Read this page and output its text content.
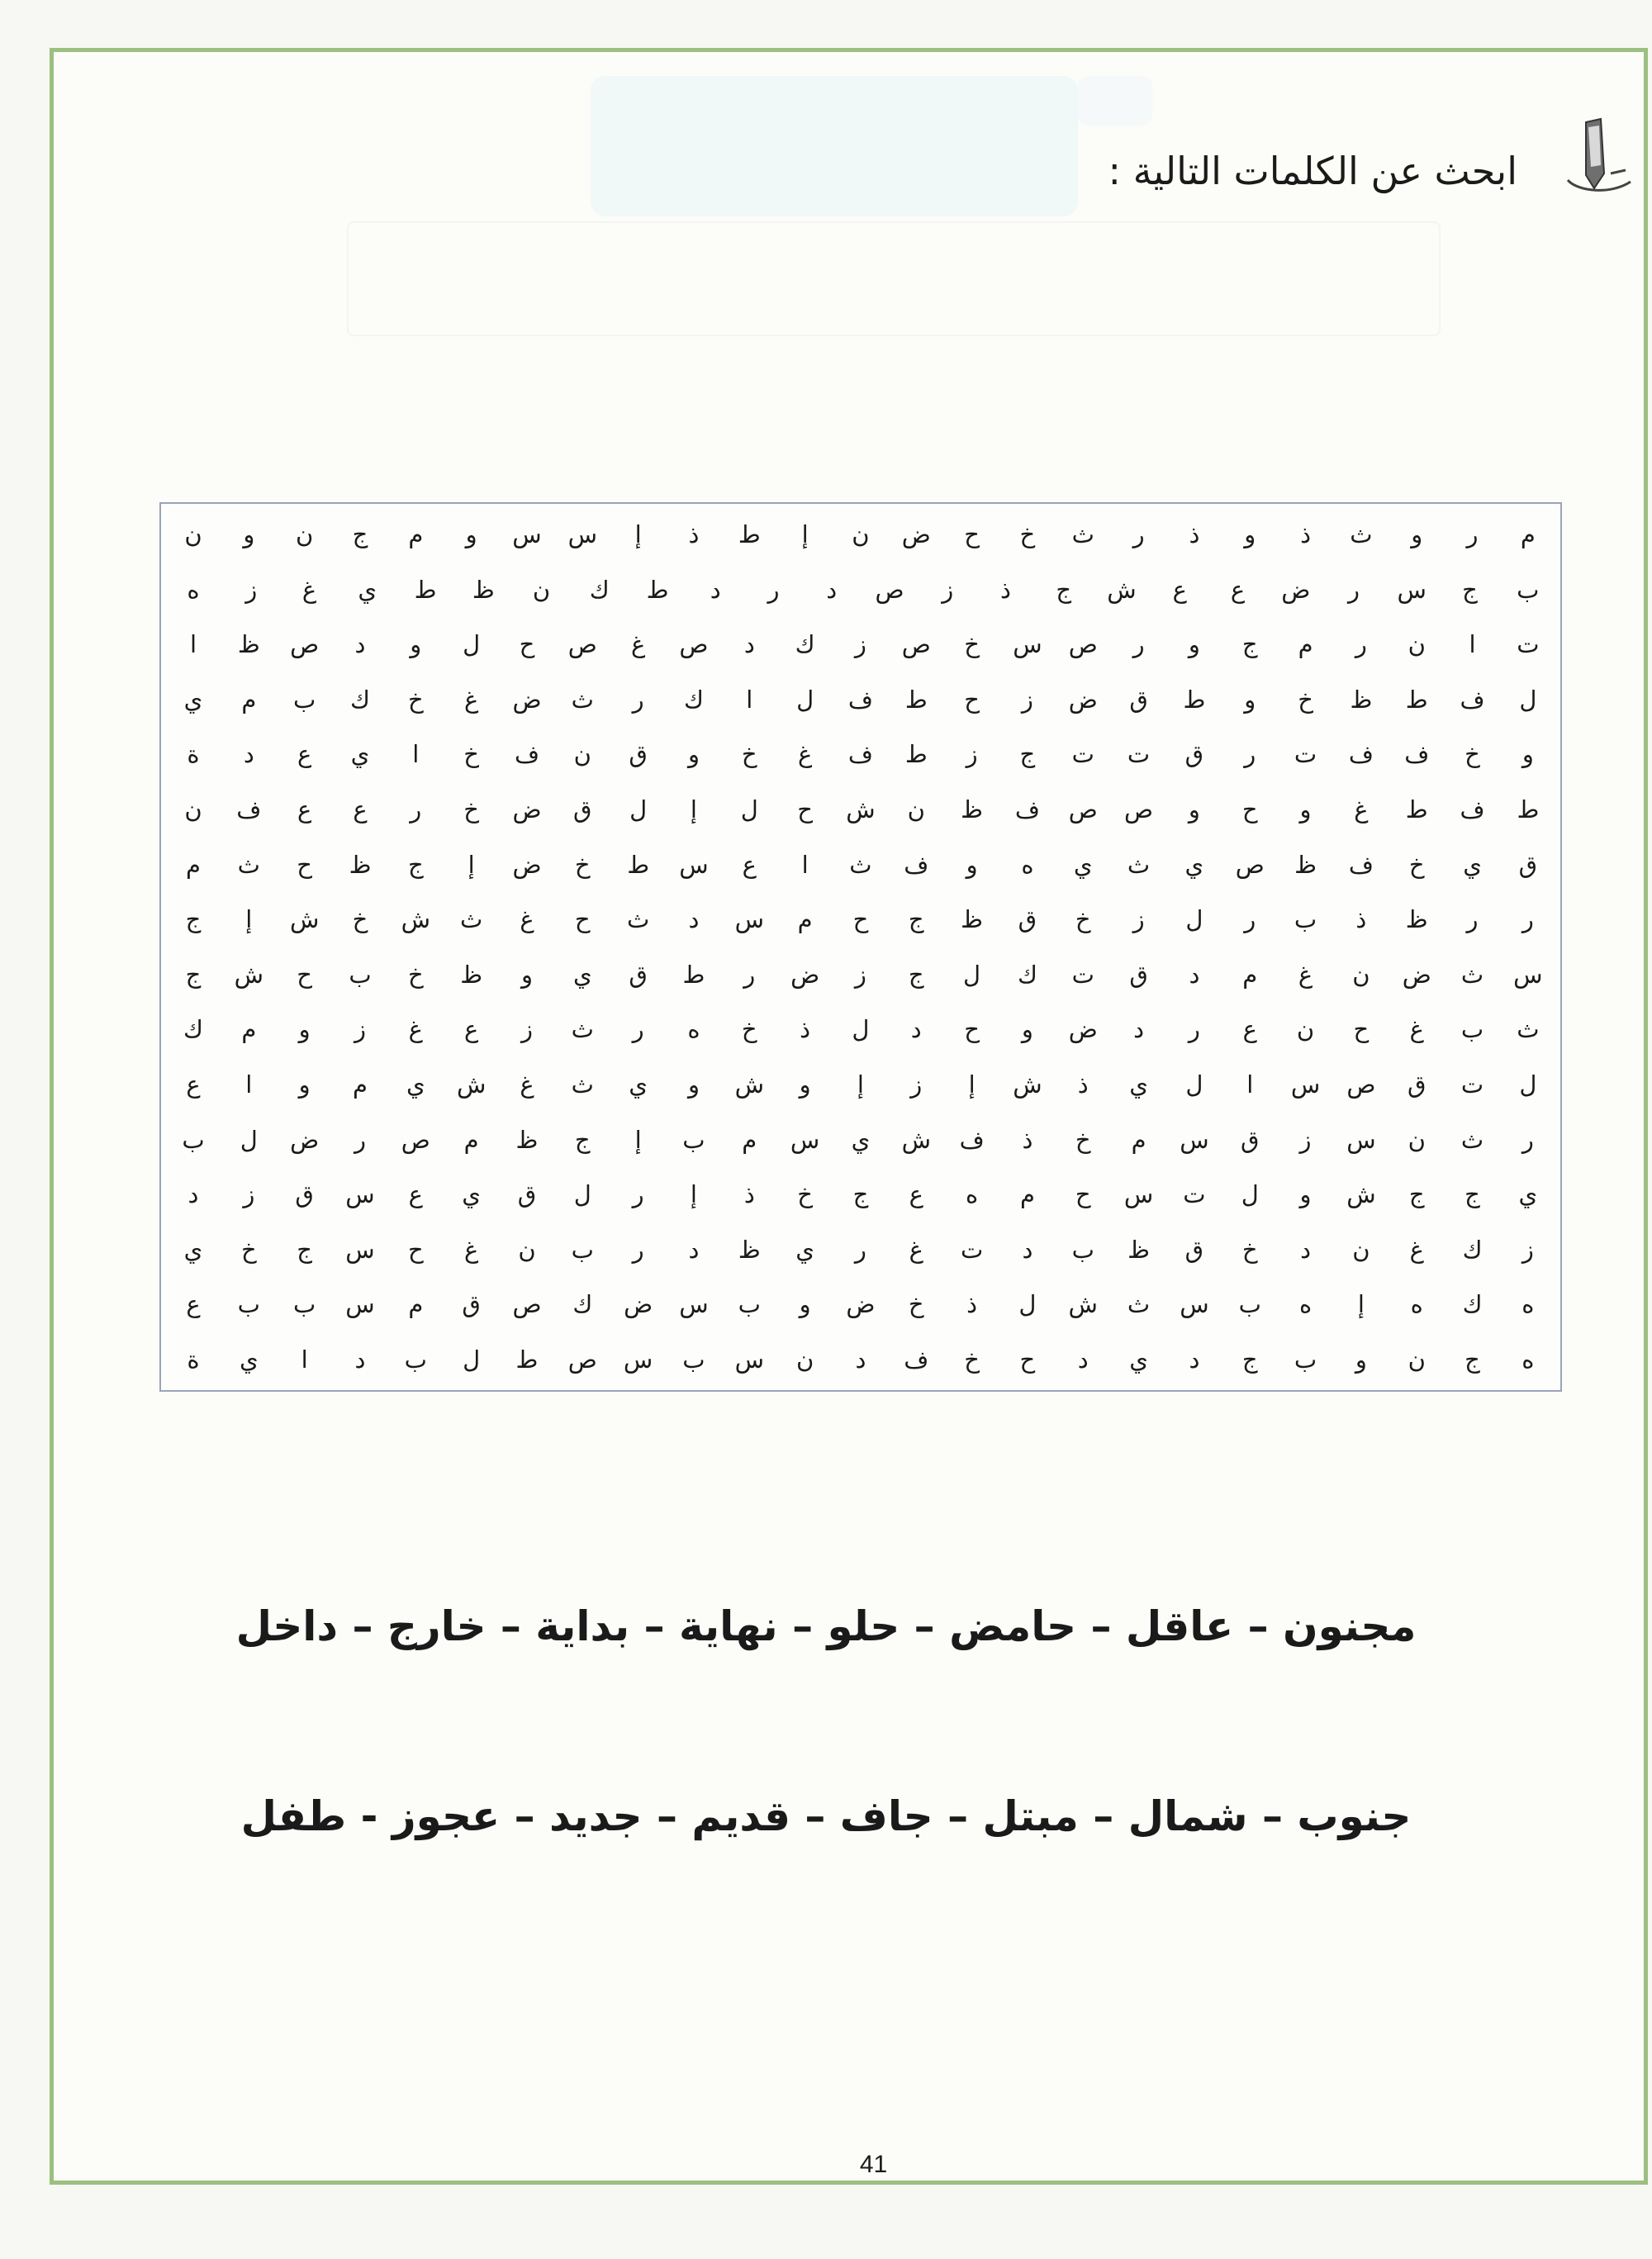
ابحث عن الكلمات التالية :
م
ر
و
ث
ذ
و
ذ
ر
ث
خ
ح
ض
ن
إ
ط
ذ
إ
س
س
و
م
ج
ن
و
ن
ب
ج
س
ر
ض
ع
ع
ش
ج
ذ
ز
ص
د
ر
د
ط
ك
ن
ظ
ط
ي
غ
ز
ه
ت
ا
ن
ر
م
ج
و
ر
ص
س
خ
ص
ز
ك
د
ص
غ
ص
ح
ل
و
د
ص
ظ
ا
ل
ف
ط
ظ
خ
و
ط
ق
ض
ز
ح
ط
ف
ل
ا
ك
ر
ث
ض
غ
خ
ك
ب
م
ي
و
خ
ف
ف
ت
ر
ق
ت
ت
ج
ز
ط
ف
غ
خ
و
ق
ن
ف
خ
ا
ي
ع
د
ة
ط
ف
ط
غ
و
ح
و
ص
ص
ف
ظ
ن
ش
ح
ل
إ
ل
ق
ض
خ
ر
ع
ع
ف
ن
ق
ي
خ
ف
ظ
ص
ي
ث
ي
ه
و
ف
ث
ا
ع
س
ط
خ
ض
إ
ج
ظ
ح
ث
م
ر
ر
ظ
ذ
ب
ر
ل
ز
خ
ق
ظ
ج
ح
م
س
د
ث
ح
غ
ث
ش
خ
ش
إ
ج
س
ث
ض
ن
غ
م
د
ق
ت
ك
ل
ج
ز
ض
ر
ط
ق
ي
و
ظ
خ
ب
ح
ش
ج
ث
ب
غ
ح
ن
ع
ر
د
ض
و
ح
د
ل
ذ
خ
ه
ر
ث
ز
ع
غ
ز
و
م
ك
ل
ت
ق
ص
س
ا
ل
ي
ذ
ش
إ
ز
إ
و
ش
و
ي
ث
غ
ش
ي
م
و
ا
ع
ر
ث
ن
س
ز
ق
س
م
خ
ذ
ف
ش
ي
س
م
ب
إ
ج
ظ
م
ص
ر
ض
ل
ب
ي
ج
ج
ش
و
ل
ت
س
ح
م
ه
ع
ج
خ
ذ
إ
ر
ل
ق
ي
ع
س
ق
ز
د
ز
ك
غ
ن
د
خ
ق
ظ
ب
د
ت
غ
ر
ي
ظ
د
ر
ب
ن
غ
ح
س
ج
خ
ي
ه
ك
ه
إ
ه
ب
س
ث
ش
ل
ذ
خ
ض
و
ب
س
ض
ك
ص
ق
م
س
ب
ب
ع
ه
ج
ن
و
ب
ج
د
ي
د
ح
خ
ف
د
ن
س
ب
س
ص
ط
ل
ب
د
ا
ي
ة
مجنون – عاقل – حامض – حلو – نهاية – بداية – خارج – داخل
جنوب – شمال – مبتل – جاف – قديم – جديد – عجوز - طفل
41
